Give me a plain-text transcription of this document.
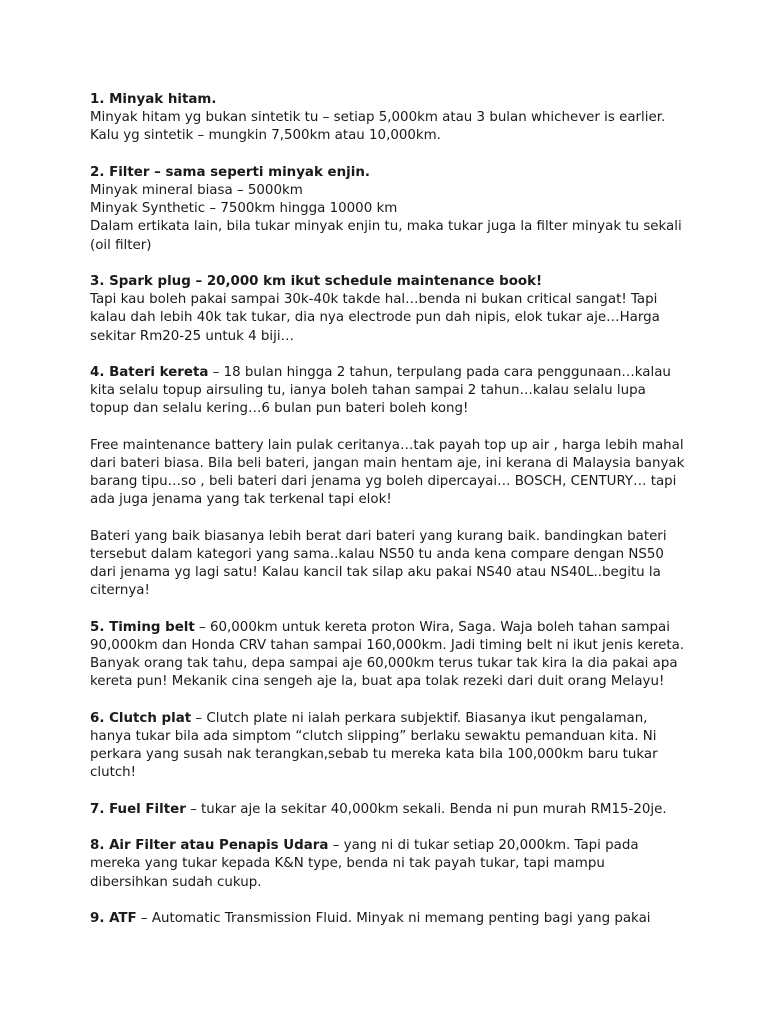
1. Minyak hitam.
Minyak hitam yg bukan sintetik tu – setiap 5,000km atau 3 bulan whichever is earlier.
Kalu yg sintetik – mungkin 7,500km atau 10,000km.
2. Filter – sama seperti minyak enjin.
Minyak mineral biasa – 5000km
Minyak Synthetic – 7500km hingga 10000 km
Dalam ertikata lain, bila tukar minyak enjin tu, maka tukar juga la filter minyak tu sekali
(oil filter)
3. Spark plug – 20,000 km ikut schedule maintenance book!
Tapi kau boleh pakai sampai 30k-40k takde hal…benda ni bukan critical sangat! Tapi
kalau dah lebih 40k tak tukar, dia nya electrode pun dah nipis, elok tukar aje…Harga
sekitar Rm20-25 untuk 4 biji…
4. Bateri kereta – 18 bulan hingga 2 tahun, terpulang pada cara penggunaan…kalau
kita selalu topup airsuling tu, ianya boleh tahan sampai 2 tahun…kalau selalu lupa
topup dan selalu kering…6 bulan pun bateri boleh kong!
Free maintenance battery lain pulak ceritanya…tak payah top up air , harga lebih mahal
dari bateri biasa. Bila beli bateri, jangan main hentam aje, ini kerana di Malaysia banyak
barang tipu…so , beli bateri dari jenama yg boleh dipercayai… BOSCH, CENTURY… tapi
ada juga jenama yang tak terkenal tapi elok!
Bateri yang baik biasanya lebih berat dari bateri yang kurang baik. bandingkan bateri
tersebut dalam kategori yang sama..kalau NS50 tu anda kena compare dengan NS50
dari jenama yg lagi satu! Kalau kancil tak silap aku pakai NS40 atau NS40L..begitu la
citernya!
5. Timing belt – 60,000km untuk kereta proton Wira, Saga. Waja boleh tahan sampai
90,000km dan Honda CRV tahan sampai 160,000km. Jadi timing belt ni ikut jenis kereta.
Banyak orang tak tahu, depa sampai aje 60,000km terus tukar tak kira la dia pakai apa
kereta pun! Mekanik cina sengeh aje la, buat apa tolak rezeki dari duit orang Melayu!
6. Clutch plat – Clutch plate ni ialah perkara subjektif. Biasanya ikut pengalaman,
hanya tukar bila ada simptom “clutch slipping” berlaku sewaktu pemanduan kita. Ni
perkara yang susah nak terangkan,sebab tu mereka kata bila 100,000km baru tukar
clutch!
7. Fuel Filter – tukar aje la sekitar 40,000km sekali. Benda ni pun murah RM15-20je.
8. Air Filter atau Penapis Udara – yang ni di tukar setiap 20,000km. Tapi pada
mereka yang tukar kepada K&N type, benda ni tak payah tukar, tapi mampu
dibersihkan sudah cukup.
9. ATF – Automatic Transmission Fluid. Minyak ni memang penting bagi yang pakai
